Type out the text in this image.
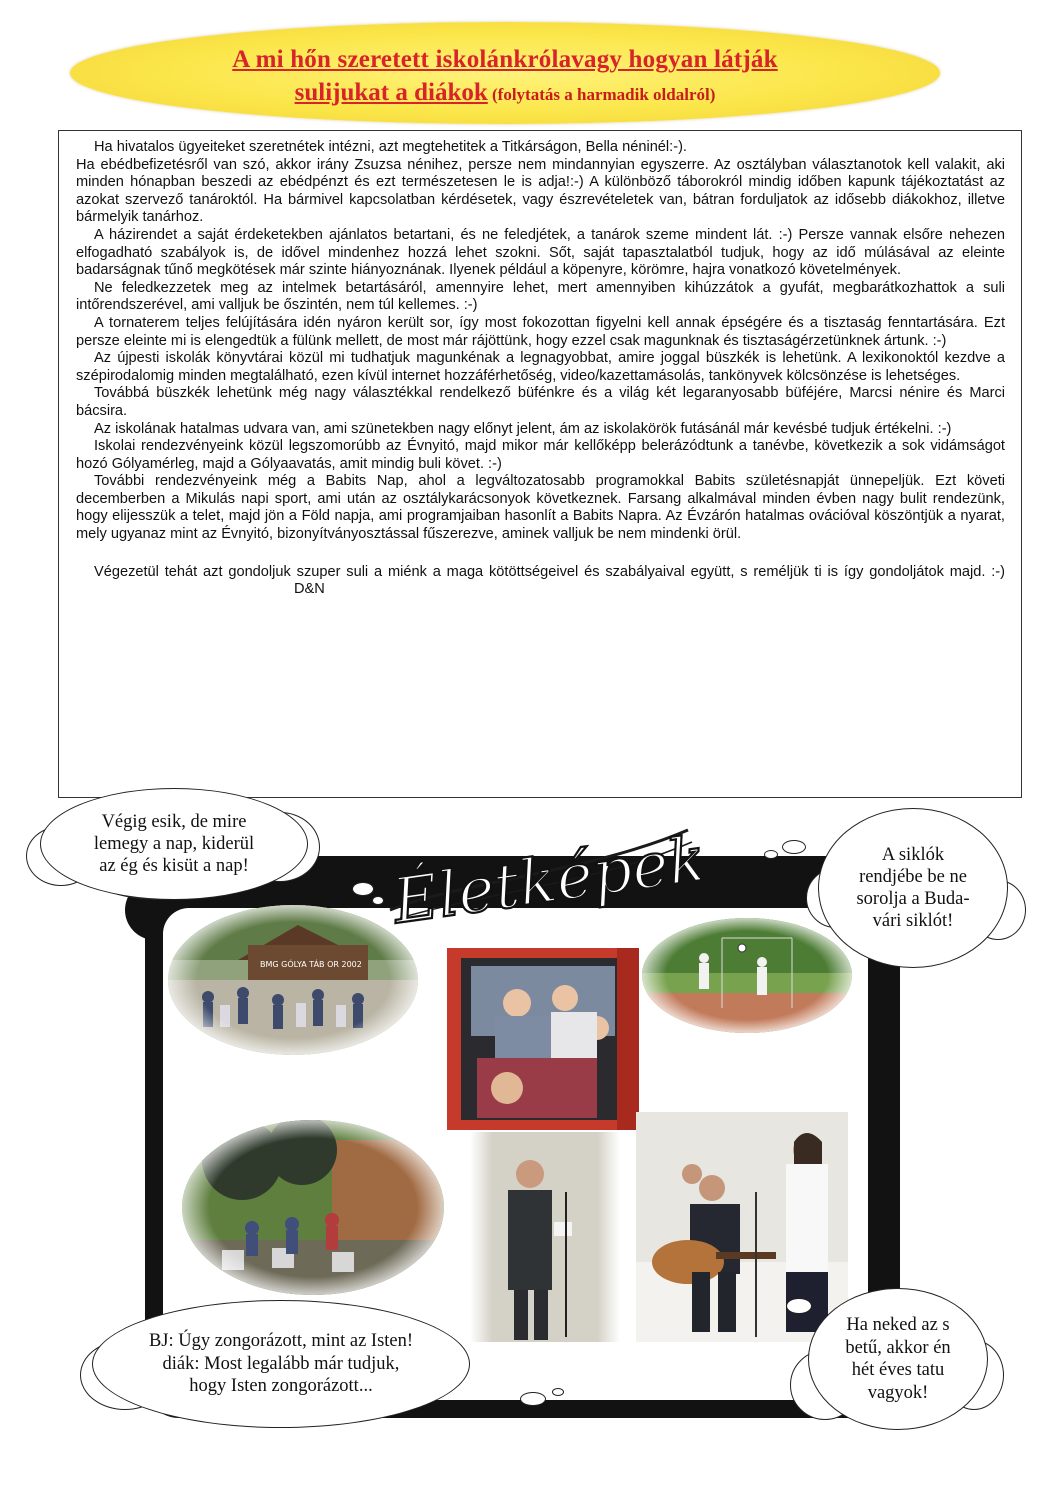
A mi hőn szeretett iskolánkrólavagy hogyan látják
sulijukat a diákok (folytatás a harmadik oldalról)

Ha hivatalos ügyeiteket szeretnétek intézni, azt megtehetitek a Titkárságon, Bella néninél:-).

Ha ebédbefizetésről van szó, akkor irány Zsuzsa nénihez, persze nem mindannyian egyszerre. Az osztályban választanotok kell valakit, aki minden hónapban beszedi az ebédpénzt és ezt természetesen le is adja!:-) A különböző táborokról mindig időben kapunk tájékoztatást az azokat szervező tanároktól. Ha bármivel kapcsolatban kérdésetek, vagy észrevételetek van, bátran forduljatok az idősebb diákokhoz, illetve bármelyik tanárhoz.

A házirendet a saját érdeketekben ajánlatos betartani, és ne feledjétek, a tanárok szeme mindent lát. :-) Persze vannak elsőre nehezen elfogadható szabályok is, de idővel mindenhez hozzá lehet szokni. Sőt, saját tapasztalatból tudjuk, hogy az idő múlásával az eleinte badarságnak tűnő megkötések már szinte hiányoznának. Ilyenek például a köpenyre, körömre, hajra vonatkozó követelmények.

Ne feledkezzetek meg az intelmek betartásáról, amennyire lehet, mert amennyiben kihúzzátok a gyufát, megbarátkozhattok a suli intőrendszerével, ami valljuk be őszintén, nem túl kellemes. :-)

A tornaterem teljes felújítására idén nyáron került sor, így most fokozottan figyelni kell annak épségére és a tisztaság fenntartására. Ezt persze eleinte mi is elengedtük a fülünk mellett, de most már rájöttünk, hogy ezzel csak magunknak és tisztaságérzetünknek ártunk. :-)

Az újpesti iskolák könyvtárai közül mi tudhatjuk magunkénak a legnagyobbat, amire joggal büszkék is lehetünk. A lexikonoktól kezdve a szépirodalomig minden megtalálható, ezen kívül internet hozzáférhetőség, video/kazettamásolás, tankönyvek kölcsönzése is lehetséges.

Továbbá büszkék lehetünk még nagy választékkal rendelkező büfénkre és a világ két legaranyosabb büféjére, Marcsi nénire és Marci bácsira.

Az iskolának hatalmas udvara van, ami szünetekben nagy előnyt jelent, ám az iskolakörök futásánál már kevésbé tudjuk értékelni. :-)

Iskolai rendezvényeink közül legszomorúbb az Évnyitó, majd mikor már kellőképp belerázódtunk a tanévbe, következik a sok vidámságot hozó Gólyamérleg, majd a Gólyaavatás, amit mindig buli követ. :-)

További rendezvényeink még a Babits Nap, ahol a legváltozatosabb programokkal Babits születésnapját ünnepeljük. Ezt követi decemberben a Mikulás napi sport, ami után az osztálykarácsonyok következnek. Farsang alkalmával minden évben nagy bulit rendezünk, hogy elijesszük a telet, majd jön a Föld napja, ami programjaiban hasonlít a Babits Napra. Az Évzárón hatalmas ovációval köszöntjük a nyarat, mely ugyanaz mint az Évnyitó, bizonyítványosztással fűszerezve, aminek valljuk be nem mindenki örül.

Végezetül tehát azt gondoljuk szuper suli a miénk a maga kötöttségeivel és szabályaival együtt, s reméljük ti is így gondoljátok majd. :-)D&N

Életképek
Végig esik, de mire
lemegy a nap, kiderül
az ég és kisüt a nap!
A siklók
rendjébe be ne
sorolja a Buda-
vári siklót!
BJ: Úgy zongorázott, mint az Isten!
diák: Most legalább már tudjuk,
hogy Isten zongorázott...
Ha neked az s
betű, akkor én
hét éves tatu
vagyok!
